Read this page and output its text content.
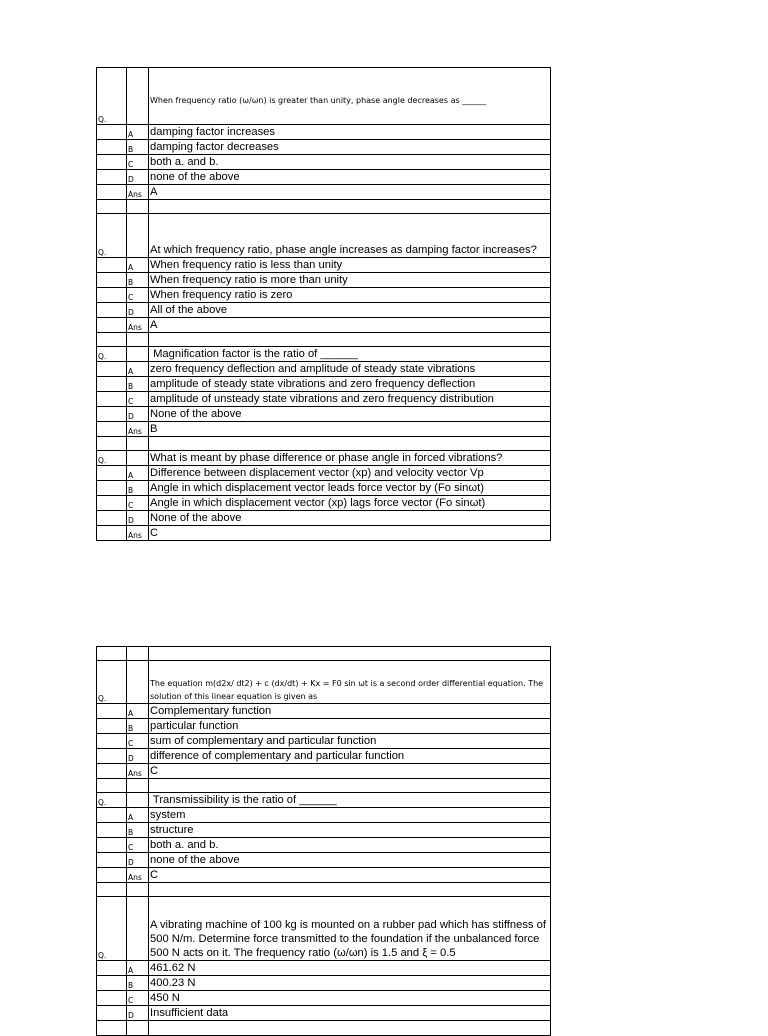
Q.		When frequency ratio (ω/ωn) is greater than unity, phase angle decreases as ______
	A	damping factor increases
	B	damping factor decreases
	C	both a. and b.
	D	none of the above
	Ans	A

Q.		At which frequency ratio, phase angle increases as damping factor increases?
	A	When frequency ratio is less than unity
	B	When frequency ratio is more than unity
	C	When frequency ratio is zero
	D	All of the above
	Ans	A

Q.		Magnification factor is the ratio of ______
	A	zero frequency deflection and amplitude of steady state vibrations
	B	amplitude of steady state vibrations and zero frequency deflection
	C	amplitude of unsteady state vibrations and zero frequency distribution
	D	None of the above
	Ans	B

Q.		What is meant by phase difference or phase angle in forced vibrations?
	A	Difference between displacement vector (xp) and velocity vector Vp
	B	Angle in which displacement vector leads force vector by (Fo sinωt)
	C	Angle in which displacement vector (xp) lags force vector (Fo sinωt)
	D	None of the above
	Ans	C

Q.		The equation m(d2x/ dt2) + c (dx/dt) + Kx = F0 sin ωt is a second order differential equation. The solution of this linear equation is given as
	A	Complementary function
	B	particular function
	C	sum of complementary and particular function
	D	difference of complementary and particular function
	Ans	C

Q.		Transmissibility is the ratio of ______
	A	system
	B	structure
	C	both a. and b.
	D	none of the above
	Ans	C

Q.		A vibrating machine of 100 kg is mounted on a rubber pad which has stiffness of 500 N/m. Determine force transmitted to the foundation if the unbalanced force 500 N acts on it. The frequency ratio (ω/ωn) is 1.5 and ξ = 0.5
	A	461.62 N
	B	400.23 N
	C	450 N
	D	Insufficient data
